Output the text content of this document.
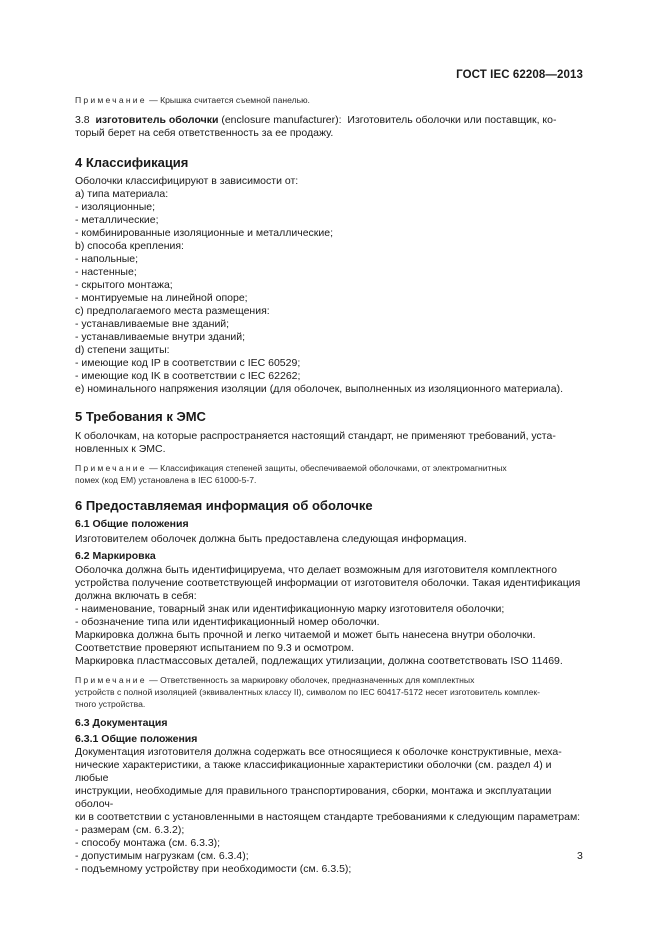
ГОСТ IEC 62208—2013

Примечание — Крышка считается съемной панелью.

3.8 изготовитель оболочки (enclosure manufacturer): Изготовитель оболочки или поставщик, ко-

торый берет на себя ответственность за ее продажу.

4 Классификация

Оболочки классифицируют в зависимости от:

а) типа материала:

- изоляционные;

- металлические;

- комбинированные изоляционные и металлические;

b) способа крепления:

- напольные;

- настенные;

- скрытого монтажа;

- монтируемые на линейной опоре;

c) предполагаемого места размещения:

- устанавливаемые вне зданий;

- устанавливаемые внутри зданий;

d) степени защиты:

- имеющие код IP в соответствии с IEC 60529;

- имеющие код IK в соответствии с IEC 62262;

e) номинального напряжения изоляции (для оболочек, выполненных из изоляционного материала).

5 Требования к ЭМС

К оболочкам, на которые распространяется настоящий стандарт, не применяют требований, уста-

новленных к ЭМС.

Примечание — Классификация степеней защиты, обеспечиваемой оболочками, от электромагнитных

помех (код ЕМ) установлена в IEC 61000-5-7.

6 Предоставляемая информация об оболочке

6.1 Общие положения

Изготовителем оболочек должна быть предоставлена следующая информация.

6.2 Маркировка

Оболочка должна быть идентифицируема, что делает возможным для изготовителя комплектного

устройства получение соответствующей информации от изготовителя оболочки. Такая идентификация

должна включать в себя:

- наименование, товарный знак или идентификационную марку изготовителя оболочки;

- обозначение типа или идентификационный номер оболочки.

Маркировка должна быть прочной и легко читаемой и может быть нанесена внутри оболочки.

Соответствие проверяют испытанием по 9.3 и осмотром.

Маркировка пластмассовых деталей, подлежащих утилизации, должна соответствовать ISO 11469.

Примечание — Ответственность за маркировку оболочек, предназначенных для комплектных

устройств с полной изоляцией (эквивалентных классу II), символом по IEC 60417-5172 несет изготовитель комплек-

тного устройства.

6.3 Документация

6.3.1 Общие положения

Документация изготовителя должна содержать все относящиеся к оболочке конструктивные, меха-

нические характеристики, а также классификационные характеристики оболочки (см. раздел 4) и любые

инструкции, необходимые для правильного транспортирования, сборки, монтажа и эксплуатации оболоч-

ки в соответствии с установленными в настоящем стандарте требованиями к следующим параметрам:

- размерам (см. 6.3.2);

- способу монтажа (см. 6.3.3);

- допустимым нагрузкам (см. 6.3.4);

- подъемному устройству при необходимости (см. 6.3.5);

3
